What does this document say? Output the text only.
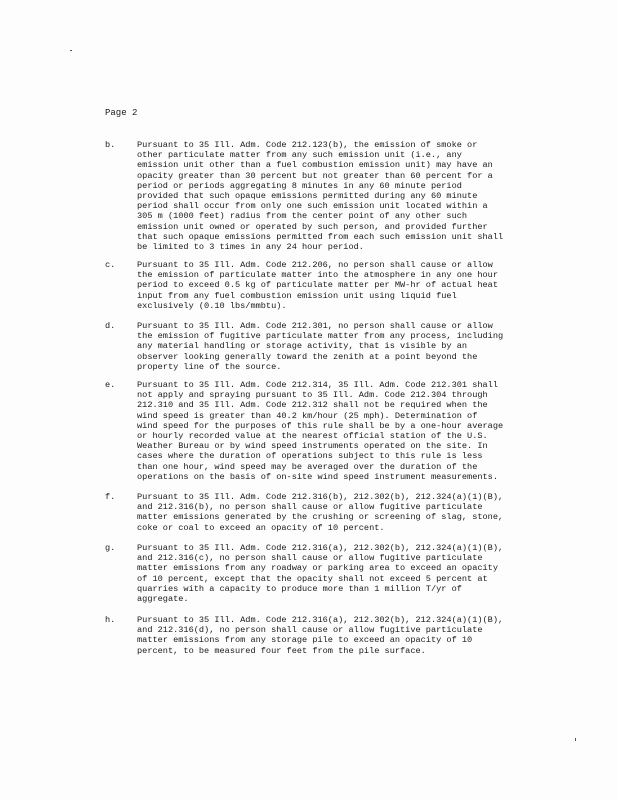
Page 2
b.	Pursuant to 35 Ill. Adm. Code 212.123(b), the emission of smoke or
other particulate matter from any such emission unit (i.e., any
emission unit other than a fuel combustion emission unit) may have an
opacity greater than 30 percent but not greater than 60 percent for a
period or periods aggregating 8 minutes in any 60 minute period
provided that such opaque emissions permitted during any 60 minute
period shall occur from only one such emission unit located within a
305 m (1000 feet) radius from the center point of any other such
emission unit owned or operated by such person, and provided further
that such opaque emissions permitted from each such emission unit shall
be limited to 3 times in any 24 hour period.
c.	Pursuant to 35 Ill. Adm. Code 212.206, no person shall cause or allow
the emission of particulate matter into the atmosphere in any one hour
period to exceed 0.5 kg of particulate matter per MW-hr of actual heat
input from any fuel combustion emission unit using liquid fuel
exclusively (0.10 lbs/mmbtu).
d.	Pursuant to 35 Ill. Adm. Code 212.301, no person shall cause or allow
the emission of fugitive particulate matter from any process, including
any material handling or storage activity, that is visible by an
observer looking generally toward the zenith at a point beyond the
property line of the source.
e.	Pursuant to 35 Ill. Adm. Code 212.314, 35 Ill. Adm. Code 212.301 shall
not apply and spraying pursuant to 35 Ill. Adm. Code 212.304 through
212.310 and 35 Ill. Adm. Code 212.312 shall not be required when the
wind speed is greater than 40.2 km/hour (25 mph). Determination of
wind speed for the purposes of this rule shall be by a one-hour average
or hourly recorded value at the nearest official station of the U.S.
Weather Bureau or by wind speed instruments operated on the site. In
cases where the duration of operations subject to this rule is less
than one hour, wind speed may be averaged over the duration of the
operations on the basis of on-site wind speed instrument measurements.
f.	Pursuant to 35 Ill. Adm. Code 212.316(b), 212.302(b), 212.324(a)(1)(B),
and 212.316(b), no person shall cause or allow fugitive particulate
matter emissions generated by the crushing or screening of slag, stone,
coke or coal to exceed an opacity of 10 percent.
g.	Pursuant to 35 Ill. Adm. Code 212.316(a), 212.302(b), 212.324(a)(1)(B),
and 212.316(c), no person shall cause or allow fugitive particulate
matter emissions from any roadway or parking area to exceed an opacity
of 10 percent, except that the opacity shall not exceed 5 percent at
quarries with a capacity to produce more than 1 million T/yr of
aggregate.
h.	Pursuant to 35 Ill. Adm. Code 212.316(a), 212.302(b), 212.324(a)(1)(B),
and 212.316(d), no person shall cause or allow fugitive particulate
matter emissions from any storage pile to exceed an opacity of 10
percent, to be measured four feet from the pile surface.
